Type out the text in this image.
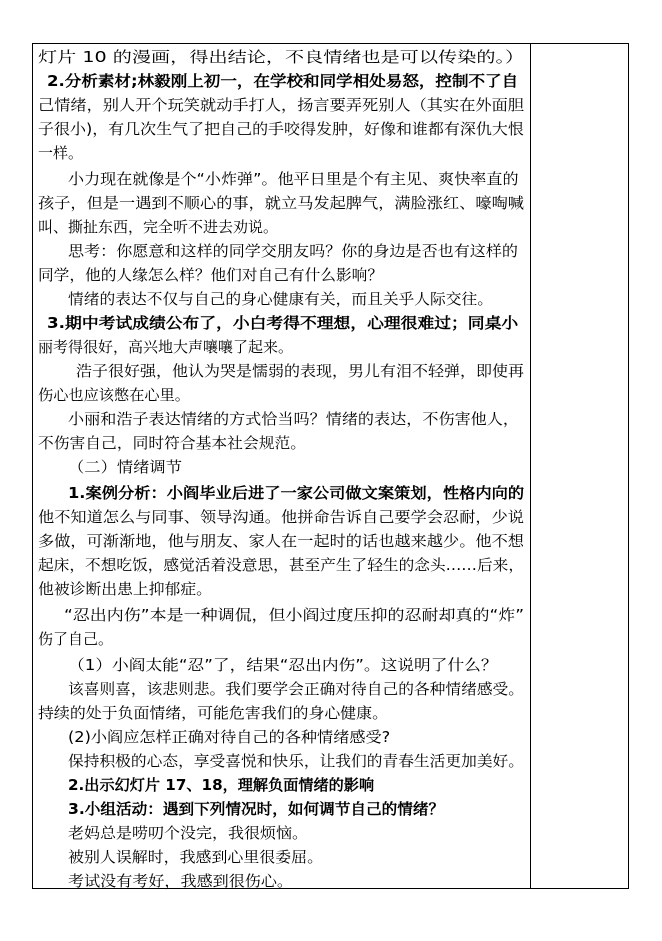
灯片 10 的漫画，得出结论，不良情绪也是可以传染的。）
2.分析素材;林毅刚上初一，在学校和同学相处易怒，控制不了自
己情绪，别人开个玩笑就动手打人，扬言要弄死别人（其实在外面胆
子很小)，有几次生气了把自己的手咬得发肿，好像和谁都有深仇大恨
一样。
小力现在就像是个“小炸弹”。他平日里是个有主见、爽快率直的
孩子，但是一遇到不顺心的事，就立马发起脾气，满脸涨红、嚎啕喊
叫、撕扯东西，完全听不进去劝说。
思考：你愿意和这样的同学交朋友吗？你的身边是否也有这样的
同学，他的人缘怎么样？他们对自己有什么影响？
情绪的表达不仅与自己的身心健康有关，而且关乎人际交往。
3.期中考试成绩公布了，小白考得不理想，心理很难过；同桌小
丽考得很好，高兴地大声嚷嚷了起来。
浩子很好强，他认为哭是懦弱的表现，男儿有泪不轻弹，即使再
伤心也应该憋在心里。
小丽和浩子表达情绪的方式恰当吗？情绪的表达，不伤害他人，
不伤害自己，同时符合基本社会规范。
（二）情绪调节
1.案例分析：小阎毕业后进了一家公司做文案策划，性格内向的
他不知道怎么与同事、领导沟通。他拼命告诉自己要学会忍耐，少说
多做，可渐渐地，他与朋友、家人在一起时的话也越来越少。他不想
起床，不想吃饭，感觉活着没意思，甚至产生了轻生的念头……后来，
他被诊断出患上抑郁症。
“忍出内伤”本是一种调侃，但小阎过度压抑的忍耐却真的“炸”
伤了自己。
（1）小阎太能“忍”了，结果“忍出内伤”。这说明了什么？
该喜则喜，该悲则悲。我们要学会正确对待自己的各种情绪感受。
持续的处于负面情绪，可能危害我们的身心健康。
(2)小阎应怎样正确对待自己的各种情绪感受?
保持积极的心态，享受喜悦和快乐，让我们的青春生活更加美好。
2.出示幻灯片 17、18，理解负面情绪的影响
3.小组活动：遇到下列情况时，如何调节自己的情绪？
老妈总是唠叨个没完，我很烦恼。
被别人误解时，我感到心里很委屈。
考试没有考好，我感到很伤心。
